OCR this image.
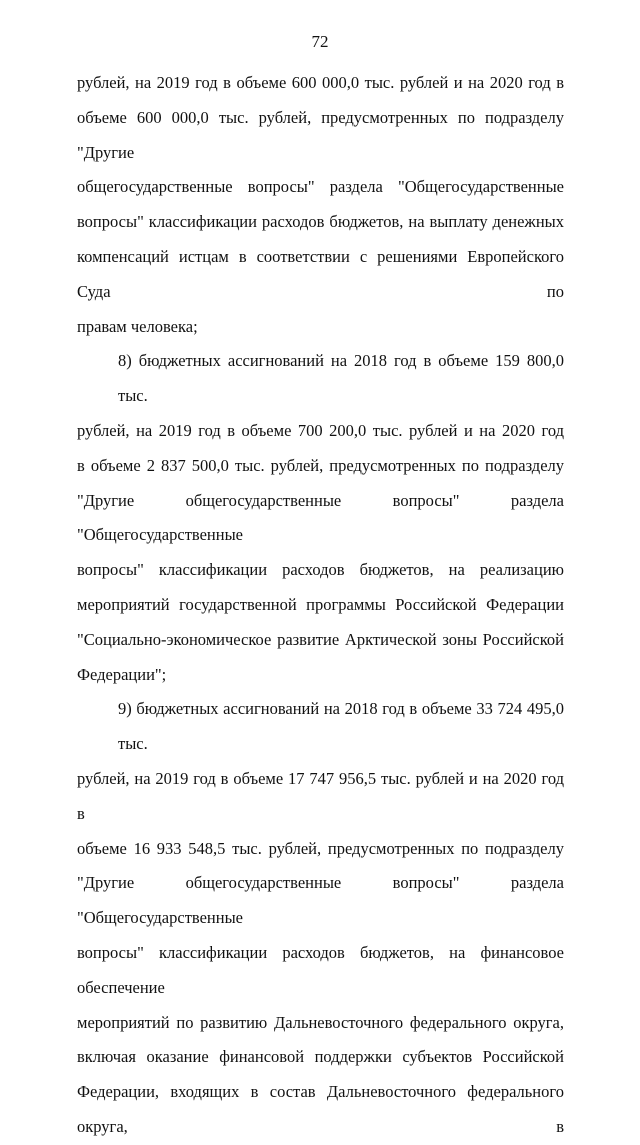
72
рублей, на 2019 год в объеме 600 000,0 тыс. рублей и на 2020 год в
объеме 600 000,0 тыс. рублей, предусмотренных по подразделу "Другие
общегосударственные вопросы" раздела "Общегосударственные
вопросы" классификации расходов бюджетов, на выплату денежных
компенсаций истцам в соответствии с решениями Европейского Суда по
правам человека;
8) бюджетных ассигнований на 2018 год в объеме 159 800,0 тыс.
рублей, на 2019 год в объеме 700 200,0 тыс. рублей и на 2020 год
в объеме 2 837 500,0 тыс. рублей, предусмотренных по подразделу
"Другие общегосударственные вопросы" раздела "Общегосударственные
вопросы" классификации расходов бюджетов, на реализацию
мероприятий государственной программы Российской Федерации
"Социально-экономическое развитие Арктической зоны Российской
Федерации";
9) бюджетных ассигнований на 2018 год в объеме 33 724 495,0 тыс.
рублей, на 2019 год в объеме 17 747 956,5 тыс. рублей и на 2020 год в
объеме 16 933 548,5 тыс. рублей, предусмотренных по подразделу
"Другие общегосударственные вопросы" раздела "Общегосударственные
вопросы" классификации расходов бюджетов, на финансовое обеспечение
мероприятий по развитию Дальневосточного федерального округа,
включая оказание финансовой поддержки субъектов Российской
Федерации, входящих в состав Дальневосточного федерального округа, в
